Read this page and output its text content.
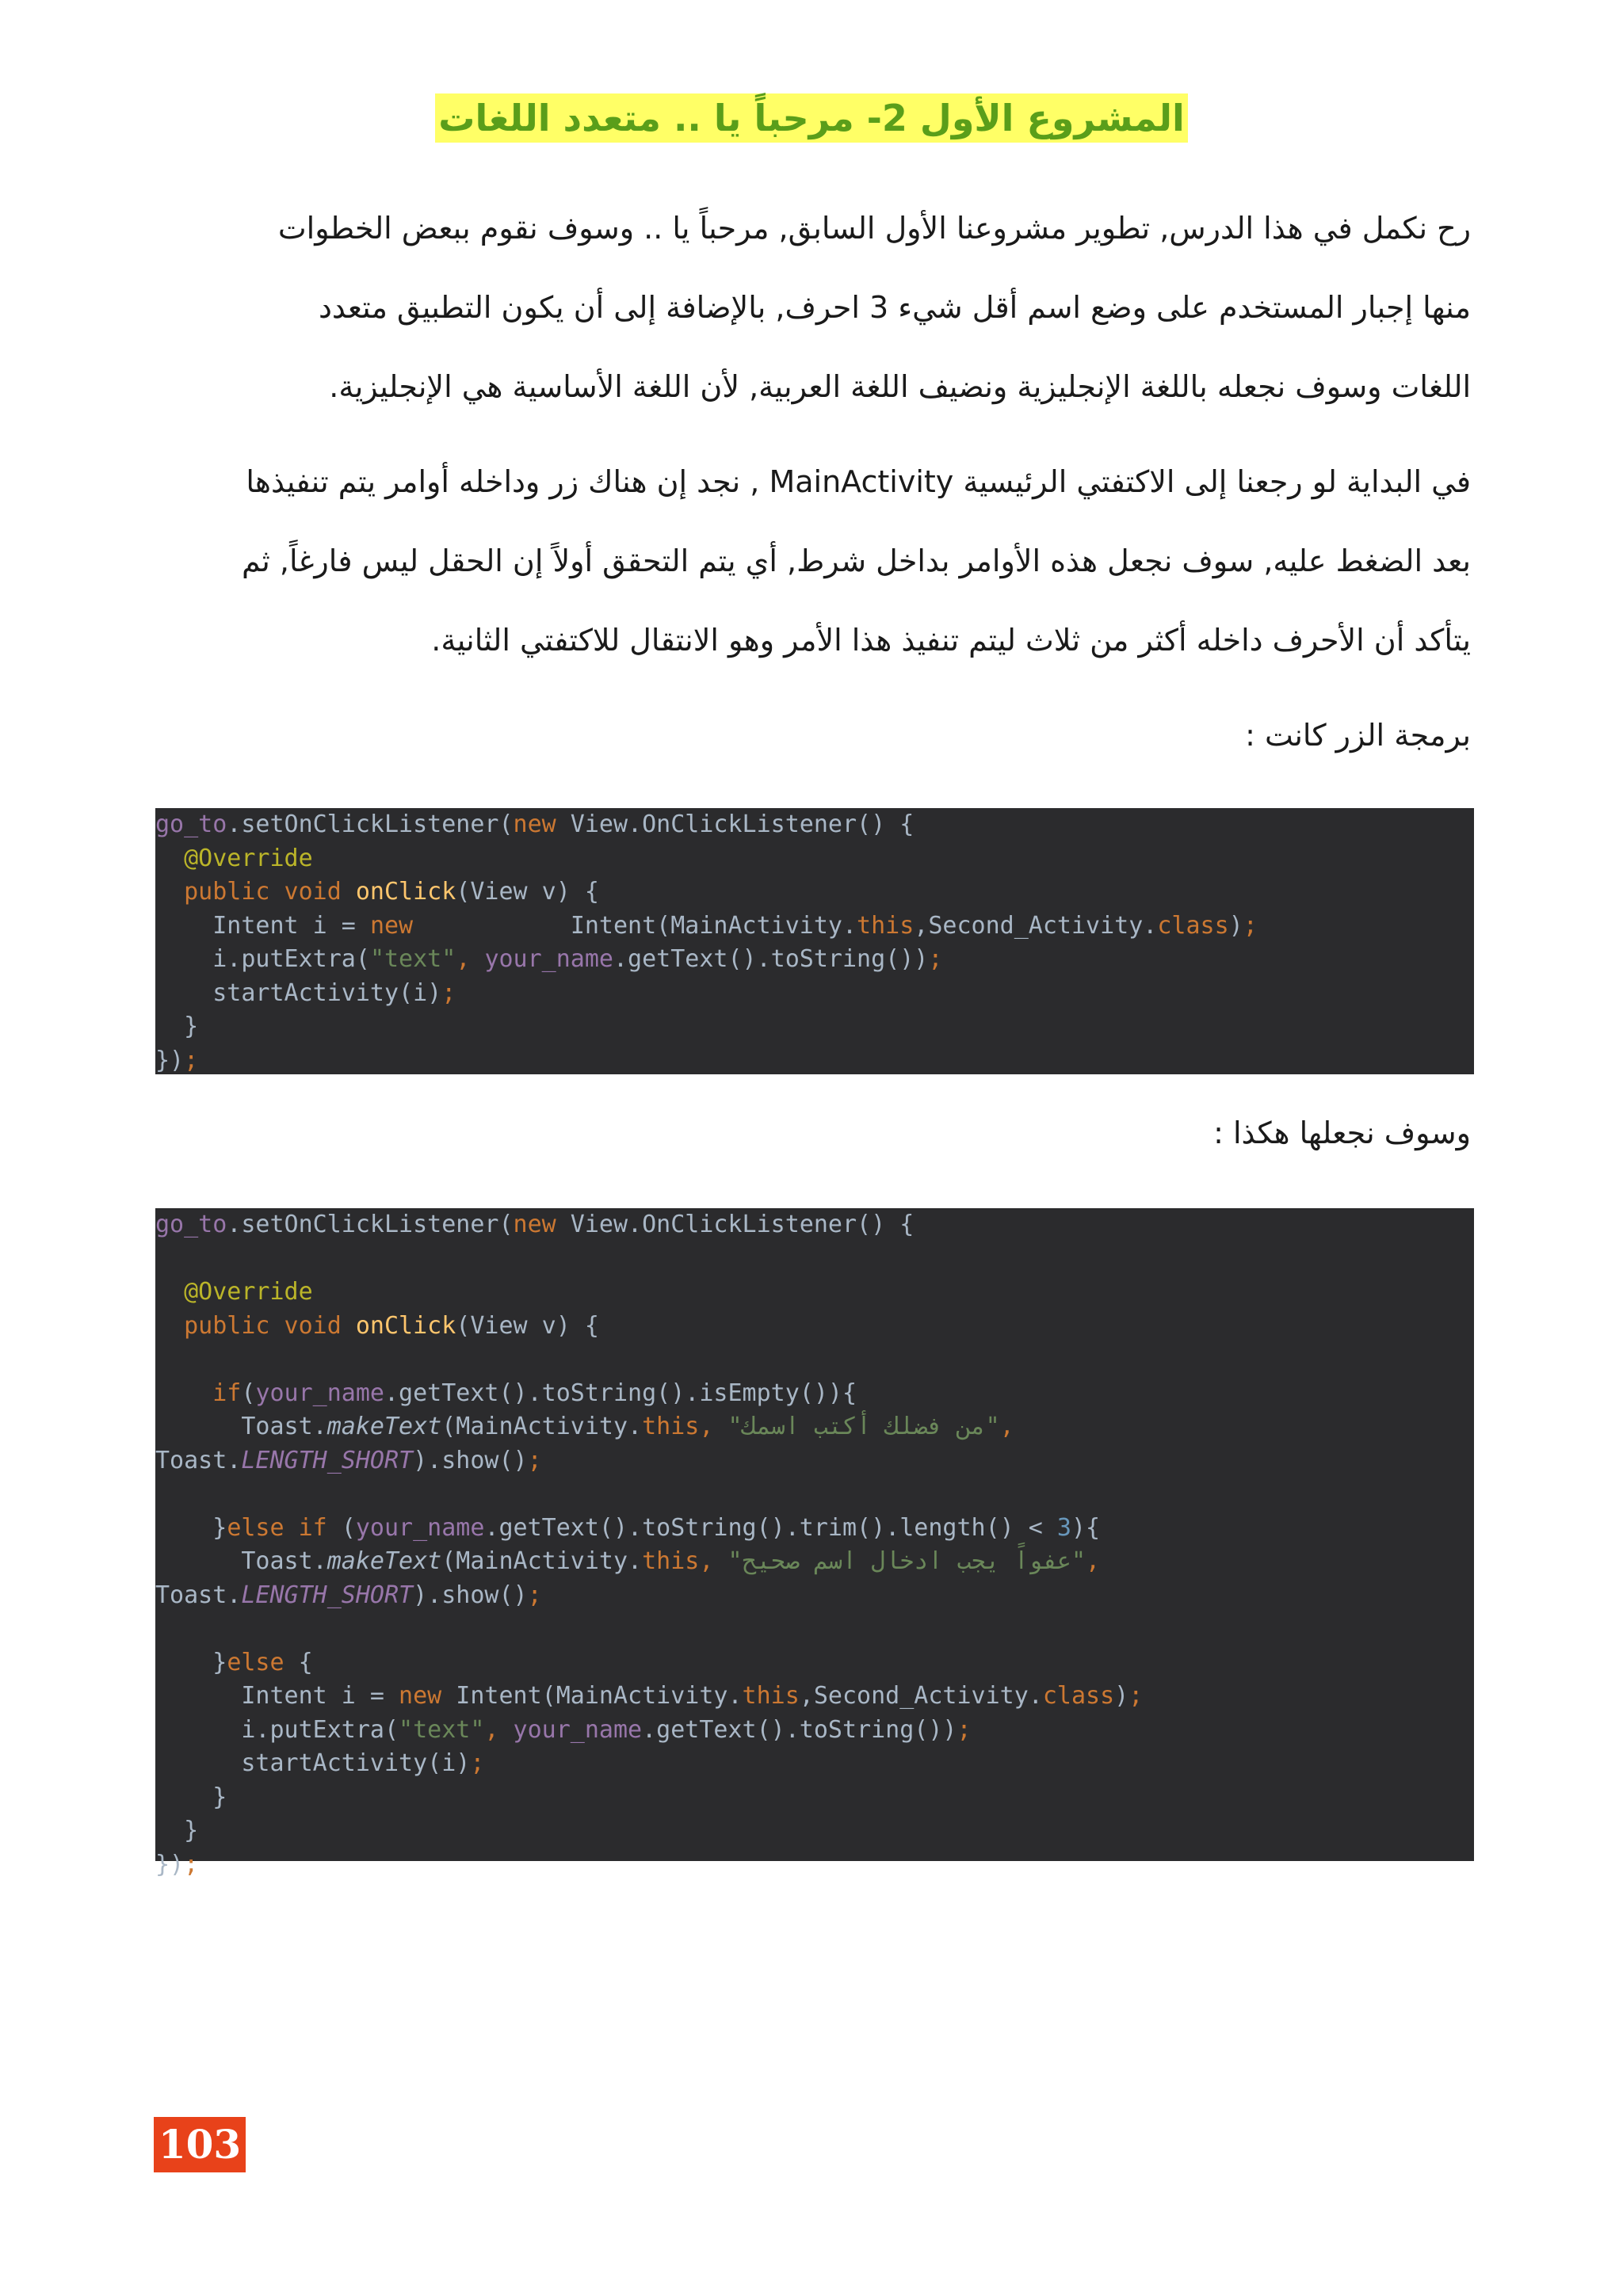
المشروع الأول 2- مرحباً يا .. متعدد اللغات
رح نكمل في هذا الدرس, تطوير مشروعنا الأول السابق, مرحباً يا .. وسوف نقوم ببعض الخطوات
منها إجبار المستخدم على وضع اسم أقل شيء 3 احرف, بالإضافة إلى أن يكون التطبيق متعدد
اللغات وسوف نجعله باللغة الإنجليزية ونضيف اللغة العربية, لأن اللغة الأساسية هي الإنجليزية.
في البداية لو رجعنا إلى الاكتفتي الرئيسية MainActivity , نجد إن هناك زر وداخله أوامر يتم تنفيذها
بعد الضغط عليه, سوف نجعل هذه الأوامر بداخل شرط, أي يتم التحقق أولاً إن الحقل ليس فارغاً, ثم
يتأكد أن الأحرف داخله أكثر من ثلاث ليتم تنفيذ هذا الأمر وهو الانتقال للاكتفتي الثانية.
برمجة الزر كانت :
go_to.setOnClickListener(new View.OnClickListener() {
@Override
public void onClick(View v) {
Intent i = new           Intent(MainActivity.this,Second_Activity.class);
i.putExtra("text", your_name.getText().toString());
startActivity(i);
}
});
وسوف نجعلها هكذا :
go_to.setOnClickListener(new View.OnClickListener() {

@Override
public void onClick(View v) {

if(your_name.getText().toString().isEmpty()){
Toast.makeText(MainActivity.this, "من فضلك أكتب اسمك",
Toast.LENGTH_SHORT).show();

}else if (your_name.getText().toString().trim().length() < 3){
Toast.makeText(MainActivity.this, "عفواً يجب ادخال اسم صحيح",
Toast.LENGTH_SHORT).show();

}else {
Intent i = new Intent(MainActivity.this,Second_Activity.class);
i.putExtra("text", your_name.getText().toString());
startActivity(i);
}
}
});
103
